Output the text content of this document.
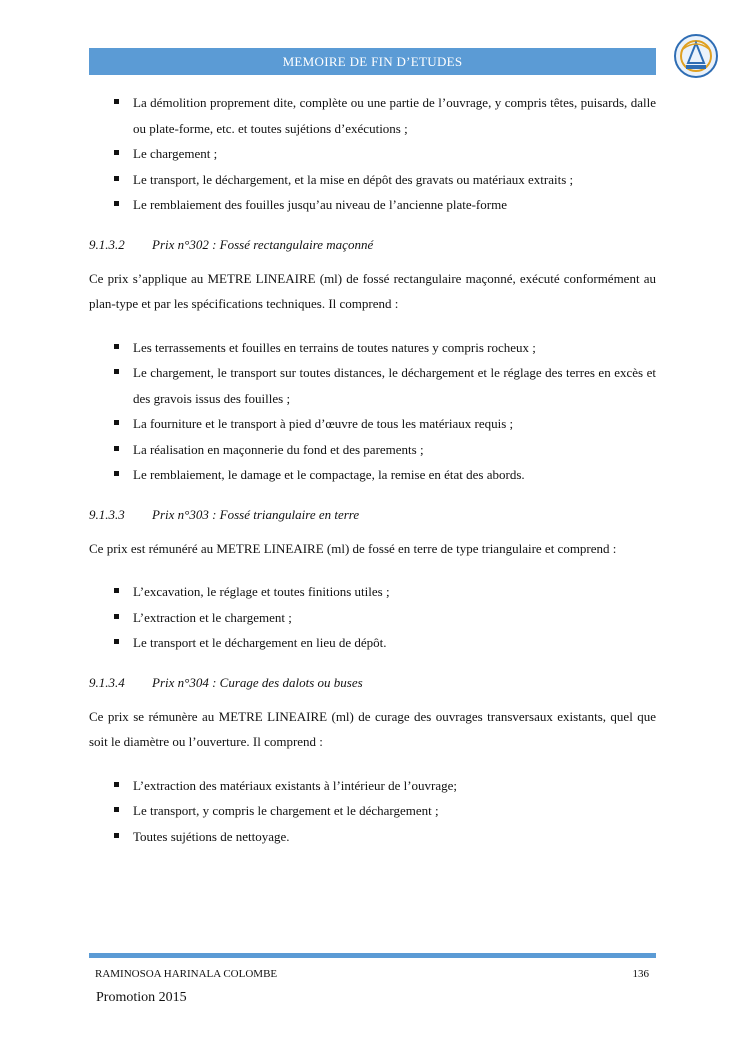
MEMOIRE DE FIN D’ETUDES
La démolition proprement dite, complète ou une partie de l’ouvrage, y compris têtes, puisards, dalle ou plate-forme, etc. et toutes sujétions d’exécutions ;
Le chargement ;
Le transport, le déchargement, et la mise en dépôt des gravats ou matériaux extraits ;
Le remblaiement des fouilles jusqu’au niveau de l’ancienne plate-forme
9.1.3.2 Prix n°302 : Fossé rectangulaire maçonné
Ce prix s’applique au METRE LINEAIRE (ml) de fossé rectangulaire maçonné, exécuté conformément au plan-type et par les spécifications techniques. Il comprend :
Les terrassements et fouilles en terrains de toutes natures y compris rocheux ;
Le chargement, le transport sur toutes distances, le déchargement et le réglage des terres en excès et des gravois issus des fouilles ;
La fourniture et le transport à pied d’œuvre de tous les matériaux requis ;
La réalisation en maçonnerie du fond et des parements ;
Le remblaiement, le damage et le compactage, la remise en état des abords.
9.1.3.3 Prix n°303 : Fossé triangulaire en terre
Ce prix est rémunéré au METRE LINEAIRE (ml) de fossé en terre de type triangulaire et comprend :
L’excavation, le réglage et toutes finitions utiles ;
L’extraction et le chargement ;
Le transport et le déchargement en lieu de dépôt.
9.1.3.4 Prix n°304 : Curage des dalots ou buses
Ce prix se rémunère au METRE LINEAIRE (ml) de curage des ouvrages transversaux existants, quel que soit le diamètre ou l’ouverture. Il comprend :
L’extraction des matériaux existants à l’intérieur de l’ouvrage;
Le transport, y compris le chargement et le déchargement ;
Toutes sujétions de nettoyage.
RAMINOSOA HARINALA COLOMBE	136
Promotion 2015
